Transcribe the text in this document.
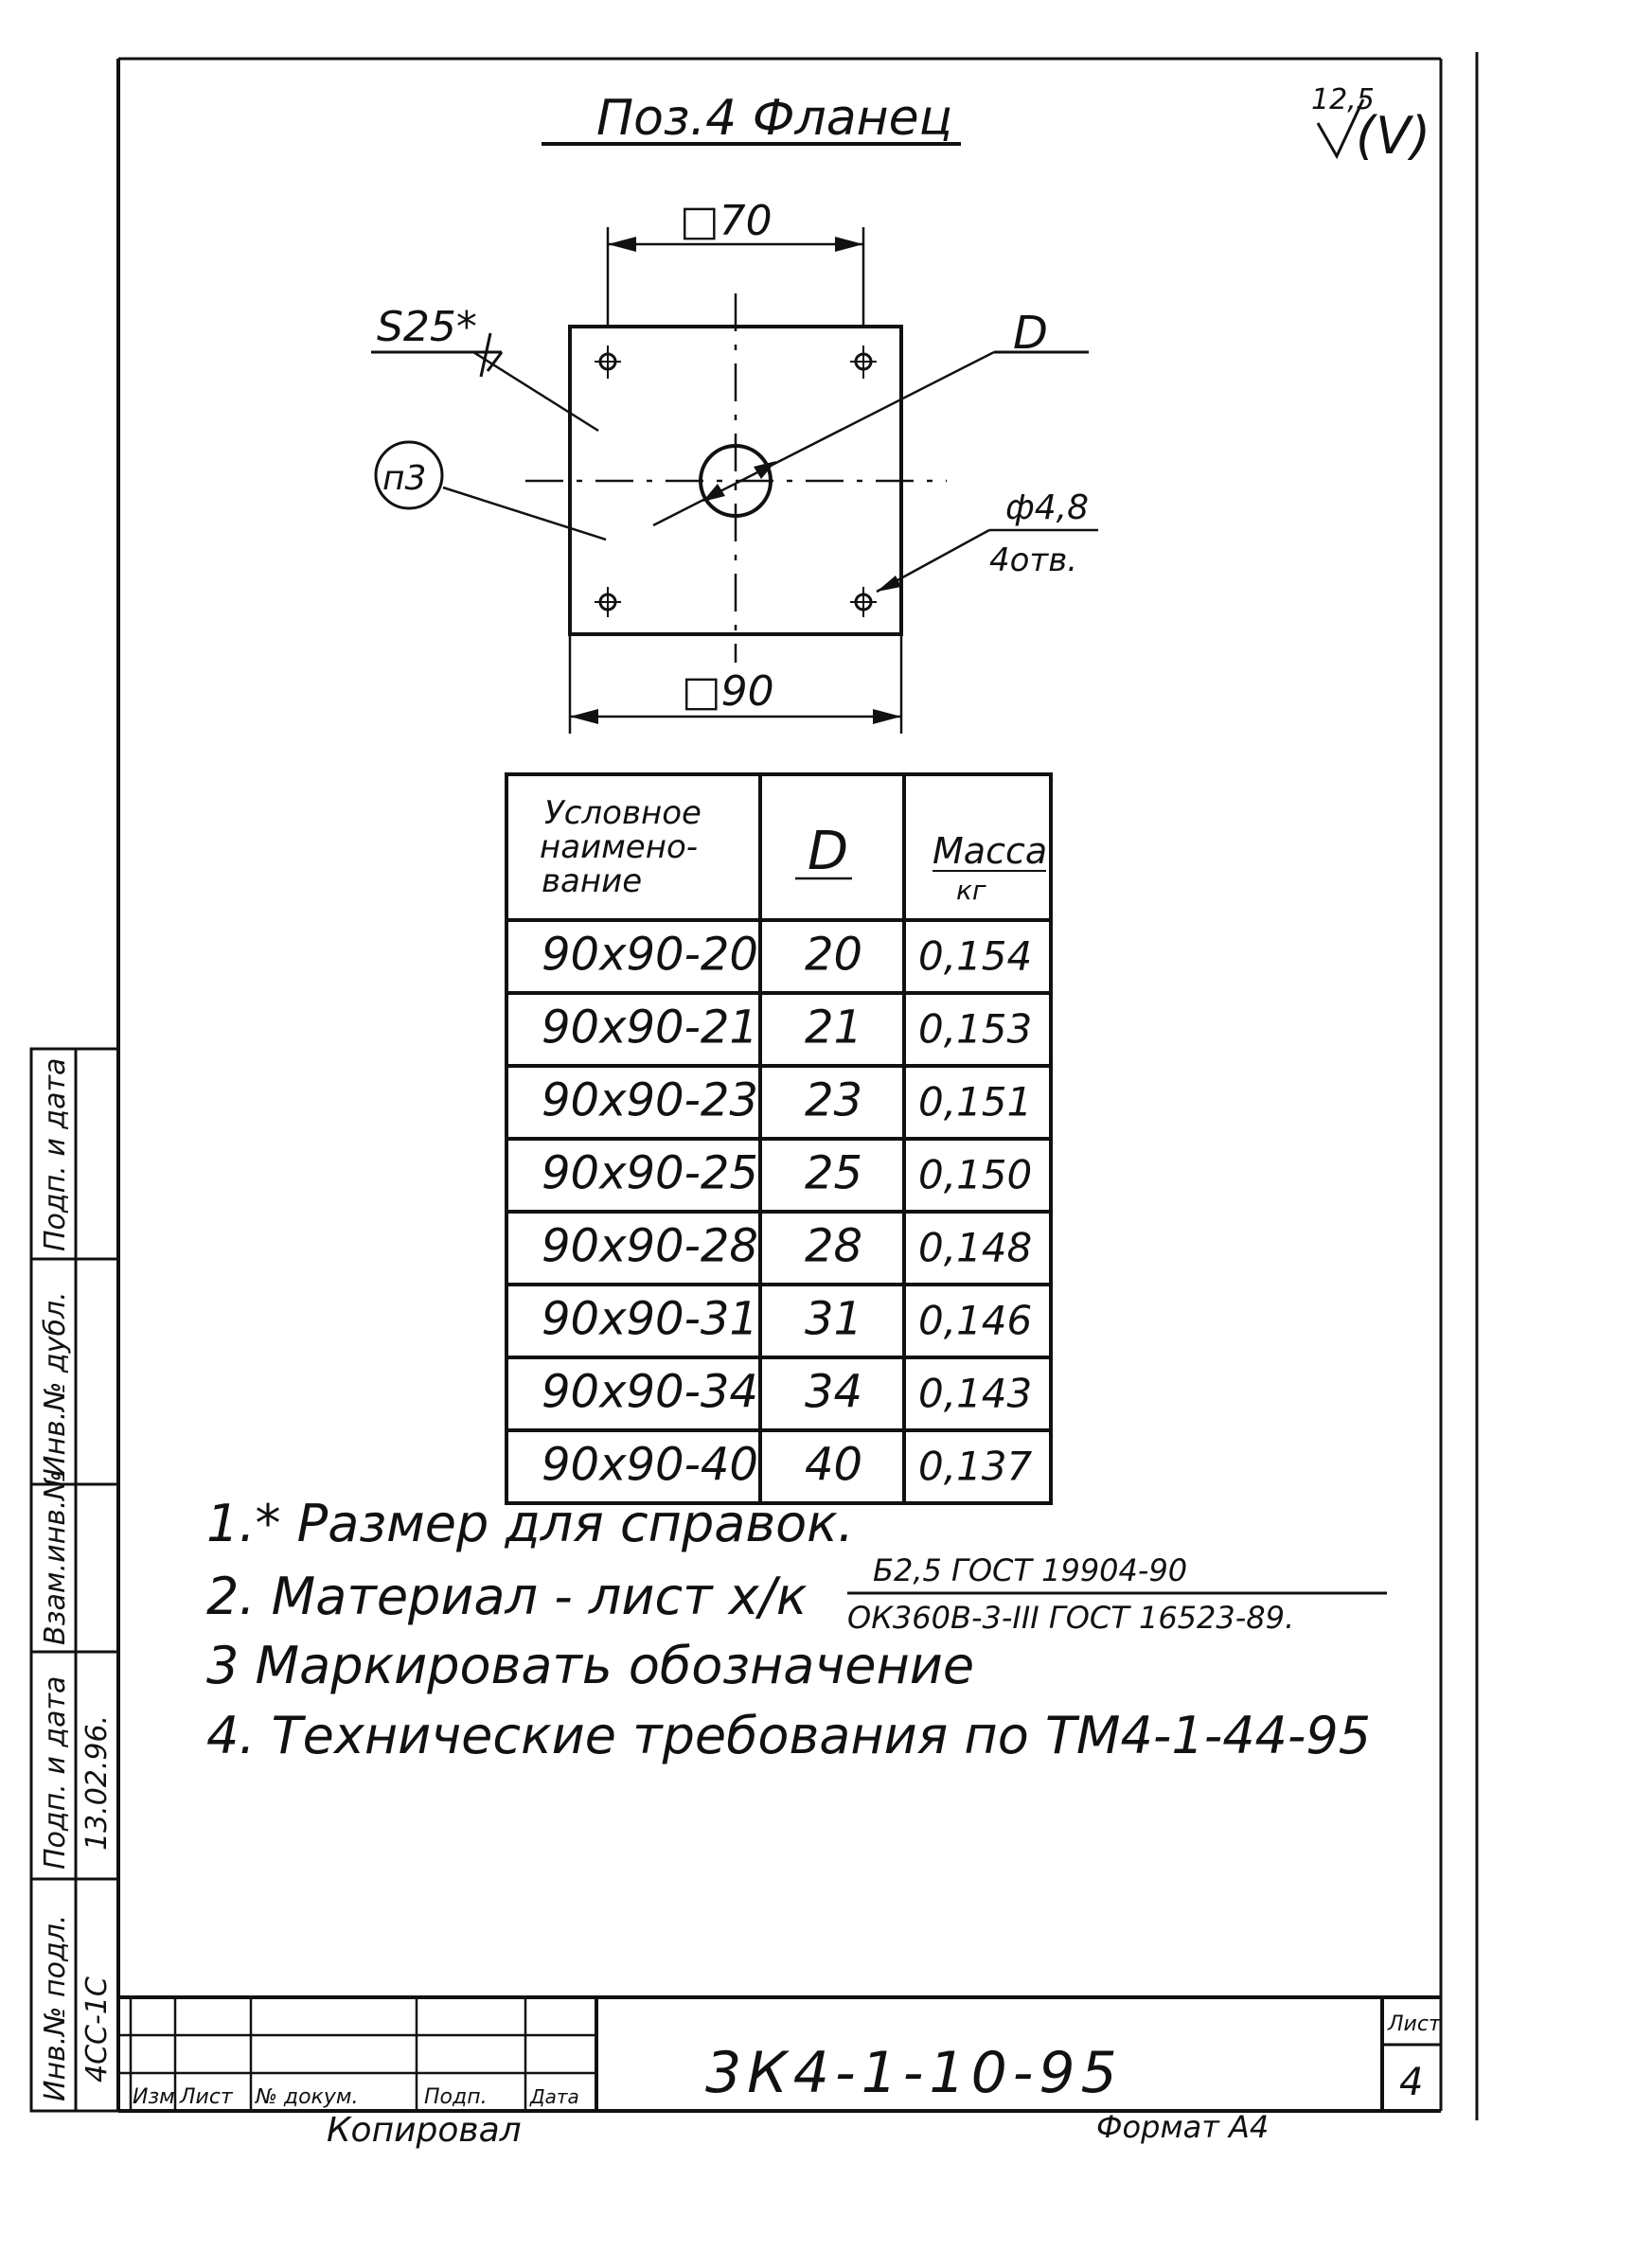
Поз.4 Фланец	12,5
(V)
□70
S25*	D
п3
ф4,8
4отв.
□90
Условное
наимено-
вание	D Масса
кг
90x90-20 20 0,154
90x90-21 21 0,153
90x90-23 23 0,151
90x90-25 25 0,150
90x90-28 28 0,148
90x90-31 31 0,146
90x90-34 34 0,143
90x90-40 40 0,137
1.* Размер для справок.
2. Материал - лист х/к Б2,5 ГОСТ 19904-90
ОК360В-3-III ГОСТ 16523-89.
3 Маркировать обозначение
4. Технические требования по ТМ4-1-44-95
Инв.№ подл.
Подп. и дата
Взам.инв.№
Инв.№ дубл.
Подп. и дата
4СС-1С
13.02.96.
Изм Лист № докум.	Подп. Дата 3К4-1-10-95
Лист
4
Копировал	Формат А4
